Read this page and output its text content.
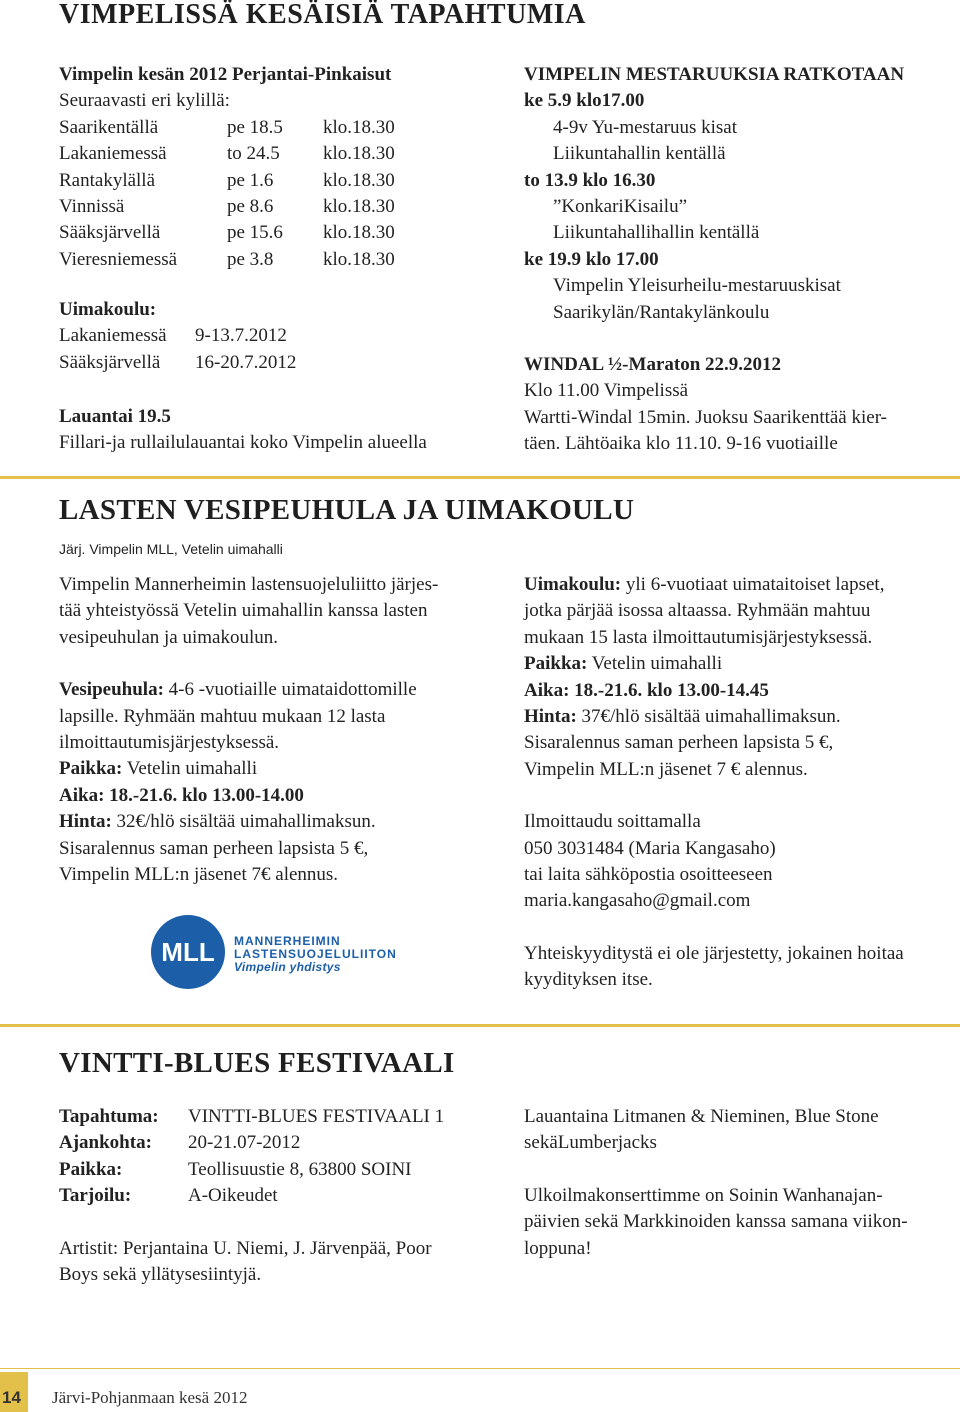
VIMPELISSÄ KESÄISIÄ TAPAHTUMIA
Vimpelin kesän 2012 Perjantai-Pinkaisut
Seuraavasti eri kylillä:
Saarikentällä	pe 18.5 klo.18.30
Lakaniemessä	to 24.5 klo.18.30
Rantakylällä	pe 1.6	klo.18.30
Vinnissä	pe 8.6	klo.18.30
Sääksjärvellä	pe 15.6 klo.18.30
Vieresniemessä	pe 3.8	klo.18.30
Uimakoulu:
Lakaniemessä 9-13.7.2012
Sääksjärvellä 16-20.7.2012
Lauantai 19.5
Fillari-ja rullailulauantai koko Vimpelin alueella
VIMPELIN MESTARUUKSIA RATKOTAAN
ke 5.9 klo17.00
4-9v Yu-mestaruus kisat
Liikuntahallin kentällä
to 13.9 klo 16.30
”KonkariKisailu”
Liikuntahallihallin kentällä
ke 19.9 klo 17.00
Vimpelin Yleisurheilu-mestaruuskisat
Saarikylän/Rantakylänkoulu
WINDAL ½-Maraton 22.9.2012
Klo 11.00 Vimpelissä
Wartti-Windal 15min. Juoksu Saarikenttää kier-
täen. Lähtöaika klo 11.10. 9-16 vuotiaille
LASTEN VESIPEUHULA JA UIMAKOULU
Järj. Vimpelin MLL, Vetelin uimahalli
Vimpelin Mannerheimin lastensuojeluliitto järjes-
tää yhteistyössä Vetelin uimahallin kanssa lasten
vesipeuhulan ja uimakoulun.
Vesipeuhula: 4-6 -vuotiaille uimataidottomille
lapsille. Ryhmään mahtuu mukaan 12 lasta
ilmoittautumisjärjestyksessä.
Paikka: Vetelin uimahalli
Aika: 18.-21.6. klo 13.00-14.00
Hinta: 32€/hlö sisältää uimahallimaksun.
Sisaralennus saman perheen lapsista 5 €,
Vimpelin MLL:n jäsenet 7€ alennus.
MLL MANNERHEIMIN
LASTENSUOJELULIITON
Vimpelin yhdistys
Uimakoulu: yli 6-vuotiaat uimataitoiset lapset,
jotka pärjää isossa altaassa. Ryhmään mahtuu
mukaan 15 lasta ilmoittautumisjärjestyksessä.
Paikka: Vetelin uimahalli
Aika: 18.-21.6. klo 13.00-14.45
Hinta: 37€/hlö sisältää uimahallimaksun.
Sisaralennus saman perheen lapsista 5 €,
Vimpelin MLL:n jäsenet 7 € alennus.
Ilmoittaudu soittamalla
050 3031484 (Maria Kangasaho)
tai laita sähköpostia osoitteeseen
maria.kangasaho@gmail.com
Yhteiskyyditystä ei ole järjestetty, jokainen hoitaa
kyydityksen itse.
VINTTI-BLUES FESTIVAALI
Tapahtuma: VINTTI-BLUES FESTIVAALI 1
Ajankohta: 20-21.07-2012
Paikka:	Teollisuustie 8, 63800 SOINI
Tarjoilu:	A-Oikeudet
Artistit: Perjantaina U. Niemi, J. Järvenpää, Poor
Boys sekä yllätysesiintyjä.
Lauantaina Litmanen & Nieminen, Blue Stone
sekäLumberjacks
Ulkoilmakonserttimme on Soinin Wanhanajan-
päivien sekä Markkinoiden kanssa samana viikon-
loppuna!
14 Järvi-Pohjanmaan kesä 2012
